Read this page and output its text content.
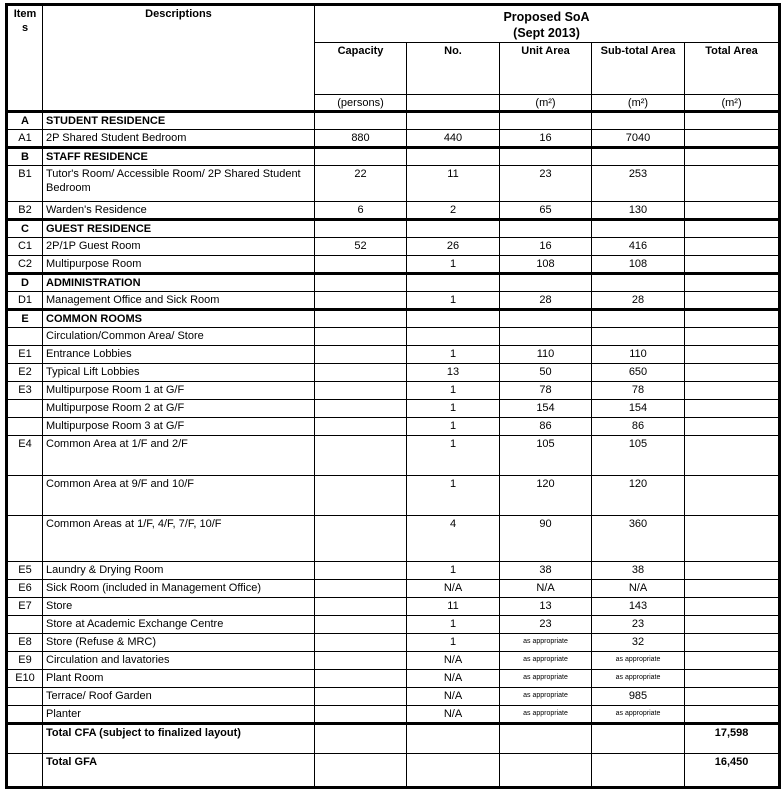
Items	Descriptions	Proposed SoA
(Sept 2013)				

		Capacity	No.	Unit Area	Sub-total Area	Total Area
		(persons)		(m²)	(m²)	(m²)
A	STUDENT RESIDENCE					
A1	2P Shared Student Bedroom	880	440	16	7040	
B	STAFF RESIDENCE					
B1	Tutor's Room/ Accessible Room/ 2P Shared Student Bedroom	22	11	23	253	
B2	Warden's Residence	6	2	65	130	
C	GUEST RESIDENCE					
C1	2P/1P Guest Room	52	26	16	416	
C2	Multipurpose Room		1	108	108	
D	ADMINISTRATION					
D1	Management Office and Sick Room		1	28	28	
E	COMMON ROOMS					
	Circulation/Common Area/ Store					
E1	Entrance Lobbies		1	110	110	
E2	Typical Lift Lobbies		13	50	650	
E3	Multipurpose Room 1 at G/F		1	78	78	
	Multipurpose Room 2 at G/F		1	154	154	
	Multipurpose Room 3 at G/F		1	86	86	
E4	Common Area at 1/F and 2/F		1	105	105	
	Common Area at 9/F and 10/F		1	120	120	
	Common Areas at 1/F, 4/F, 7/F, 10/F		4	90	360	
E5	Laundry & Drying Room		1	38	38	
E6	Sick Room (included in Management Office)		N/A	N/A	N/A	
E7	Store		11	13	143	
	Store at Academic Exchange Centre		1	23	23	
E8	Store (Refuse & MRC)		1	as appropriate	32	
E9	Circulation and lavatories		N/A	as appropriate	as appropriate	
E10	Plant Room		N/A	as appropriate	as appropriate	
	Terrace/ Roof Garden		N/A	as appropriate	985	
	Planter		N/A	as appropriate	as appropriate	
	Total CFA (subject to finalized layout)					17,598
	Total GFA					16,450
